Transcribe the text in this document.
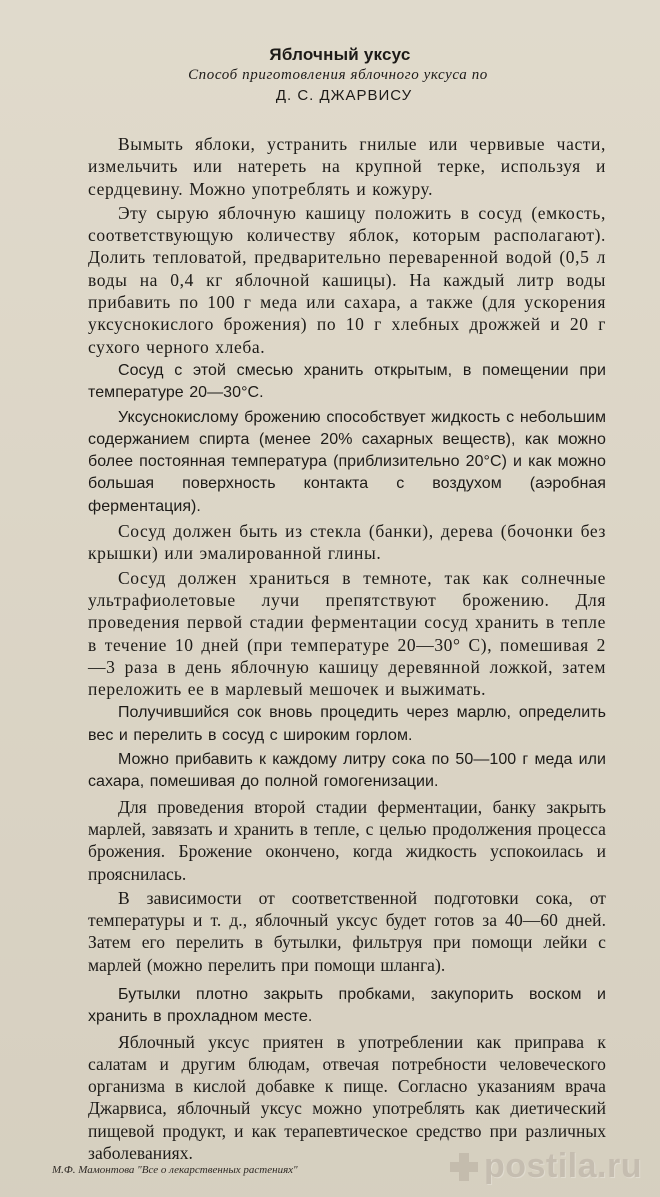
Яблочный уксус
Способ приготовления яблочного уксуса по
Д. С. ДЖАРВИСУ

Вымыть яблоки, устранить гнилые или червивые части, измельчить или натереть на крупной терке, используя и сердцевину. Можно употреблять и кожуру.

Эту сырую яблочную кашицу положить в сосуд (емкость, соответствующую количеству яблок, которым располагают). Долить тепловатой, предварительно переваренной водой (0,5 л воды на 0,4 кг яблочной кашицы). На каждый литр воды прибавить по 100 г меда или сахара, а также (для ускорения уксуснокислого брожения) по 10 г хлебных дрожжей и 20 г сухого черного хлеба.

Сосуд с этой смесью хранить открытым, в помещении при температуре 20—30°С.

Уксуснокислому брожению способствует жидкость с небольшим содержанием спирта (менее 20% сахарных веществ), как можно более постоянная температура (приблизительно 20°С) и как можно большая поверхность контакта с воздухом (аэробная ферментация).

Сосуд должен быть из стекла (банки), дерева (бочонки без крышки) или эмалированной глины.

Сосуд должен храниться в темноте, так как солнечные ультрафиолетовые лучи препятствуют брожению. Для проведения первой стадии ферментации сосуд хранить в тепле в течение 10 дней (при температуре 20—30° С), помешивая 2—3 раза в день яблочную кашицу деревянной ложкой, затем переложить ее в марлевый мешочек и выжимать.

Получившийся сок вновь процедить через марлю, определить вес и перелить в сосуд с широким горлом.

Можно прибавить к каждому литру сока по 50—100 г меда или сахара, помешивая до полной гомогенизации.

Для проведения второй стадии ферментации, банку закрыть марлей, завязать и хранить в тепле, с целью продолжения процесса брожения. Брожение окончено, когда жидкость успокоилась и прояснилась.

В зависимости от соответственной подготовки сока, от температуры и т. д., яблочный уксус будет готов за 40—60 дней. Затем его перелить в бутылки, фильтруя при помощи лейки с марлей (можно перелить при помощи шланга).

Бутылки плотно закрыть пробками, закупорить воском и хранить в прохладном месте.

Яблочный уксус приятен в употреблении как приправа к салатам и другим блюдам, отвечая потребности человеческого организма в кислой добавке к пище. Согласно указаниям врача Джарвиса, яблочный уксус можно употреблять как диетический пищевой продукт, и как терапевтическое средство при различных заболеваниях.

М.Ф. Мамонтова "Все о лекарственных растениях"	postila.ru
